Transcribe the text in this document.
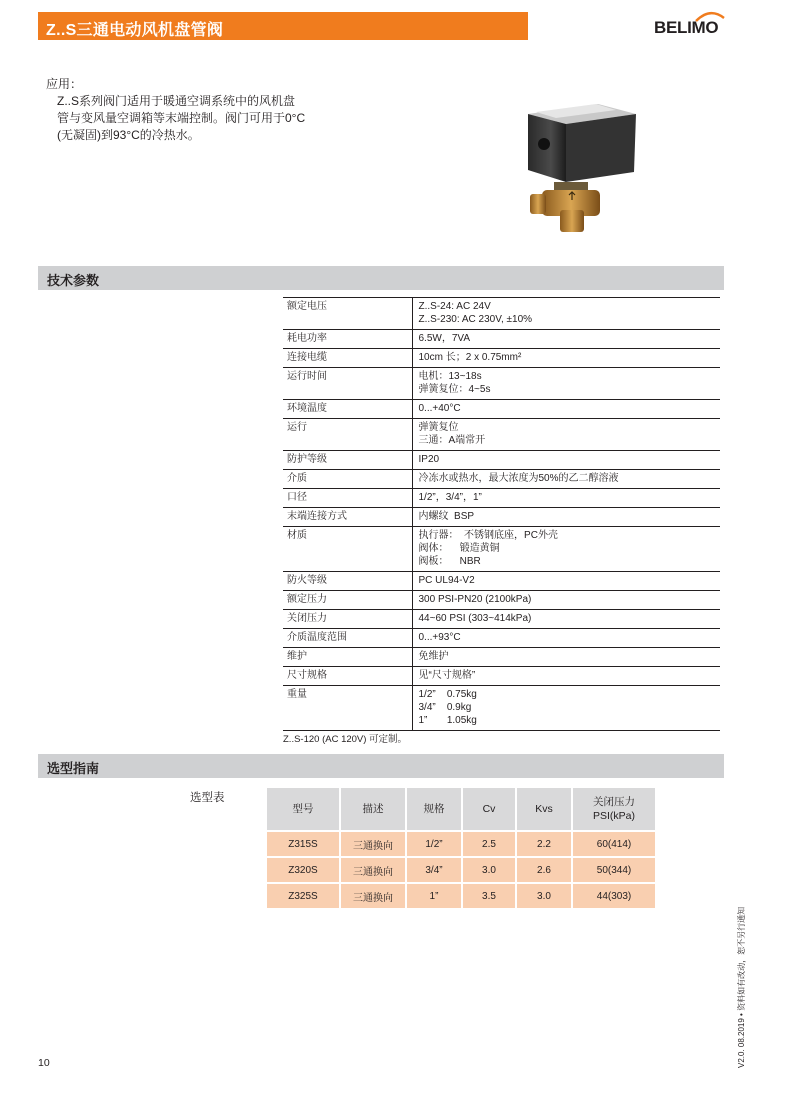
Z..S三通电动风机盘管阀	BELIMO
应用：
Z..S系列阀门适用于暖通空调系统中的风机盘
管与变风量空调箱等末端控制。阀门可用于0°C
(无凝固)到93°C的冷热水。
技术参数
额定电压	Z..S-24: AC 24V
Z..S-230: AC 230V, ±10%

耗电功率	6.5W，7VA

连接电缆	10cm 长；2 x 0.75mm²

运行时间	电机：13~18s
弹簧复位：4~5s

环境温度	0...+40°C

运行	弹簧复位
三通：A端常开

防护等级	IP20

介质	冷冻水或热水，最大浓度为50%的乙二醇溶液

口径	1/2”，3/4”，1”

末端连接方式	内螺纹  BSP

材质	执行器：  不锈钢底座，PC外壳
阀体：    锻造黄铜
阀板：    NBR

防火等级	PC UL94-V2

额定压力	300 PSI-PN20 (2100kPa)

关闭压力	44~60 PSI (303~414kPa)

介质温度范围	0...+93°C

维护	免维护

尺寸规格	见“尺寸规格”

重量	1/2”    0.75kg
3/4”    0.9kg
1”       1.05kg
Z..S-120 (AC 120V) 可定制。
选型指南
选型表
型号	描述	规格	Cv	Kvs	关闭压力
PSI(kPa)
Z315S	三通换向	1/2”	2.5	2.2	60(414)
Z320S	三通换向	3/4”	3.0	2.6	50(344)
Z325S	三通换向	1”	3.5	3.0	44(303)
V2.0. 08.2019 • 资料如有改动，恕不另行通知
10
